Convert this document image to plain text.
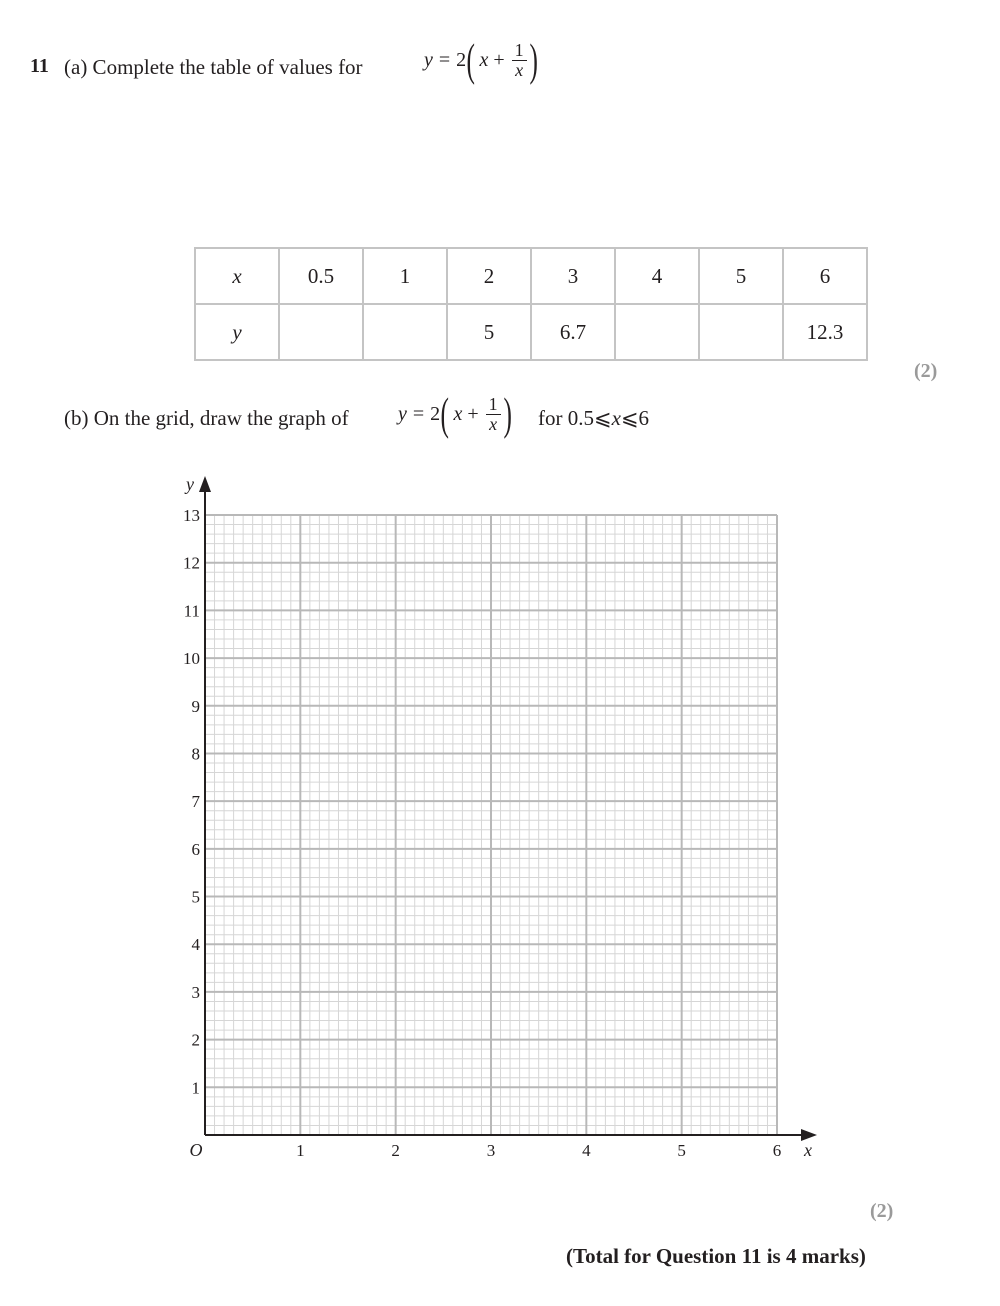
11 (a) Complete the table of values for	y = 2 ( $x + \frac{1}{x}$ )
x	0.5	1	2	3	4	5	6
y			5	6.7			12.3
(2)
(b) On the grid, draw the graph of y = 2 ( $x + \frac{1}{x}$ ) for 0.5⩽x⩽6
1	2	3	4	5	6
1
2
3
4
5
6
7
8
9
10
11
12
13
O	x
y
(2)
(Total for Question 11 is 4 marks)
